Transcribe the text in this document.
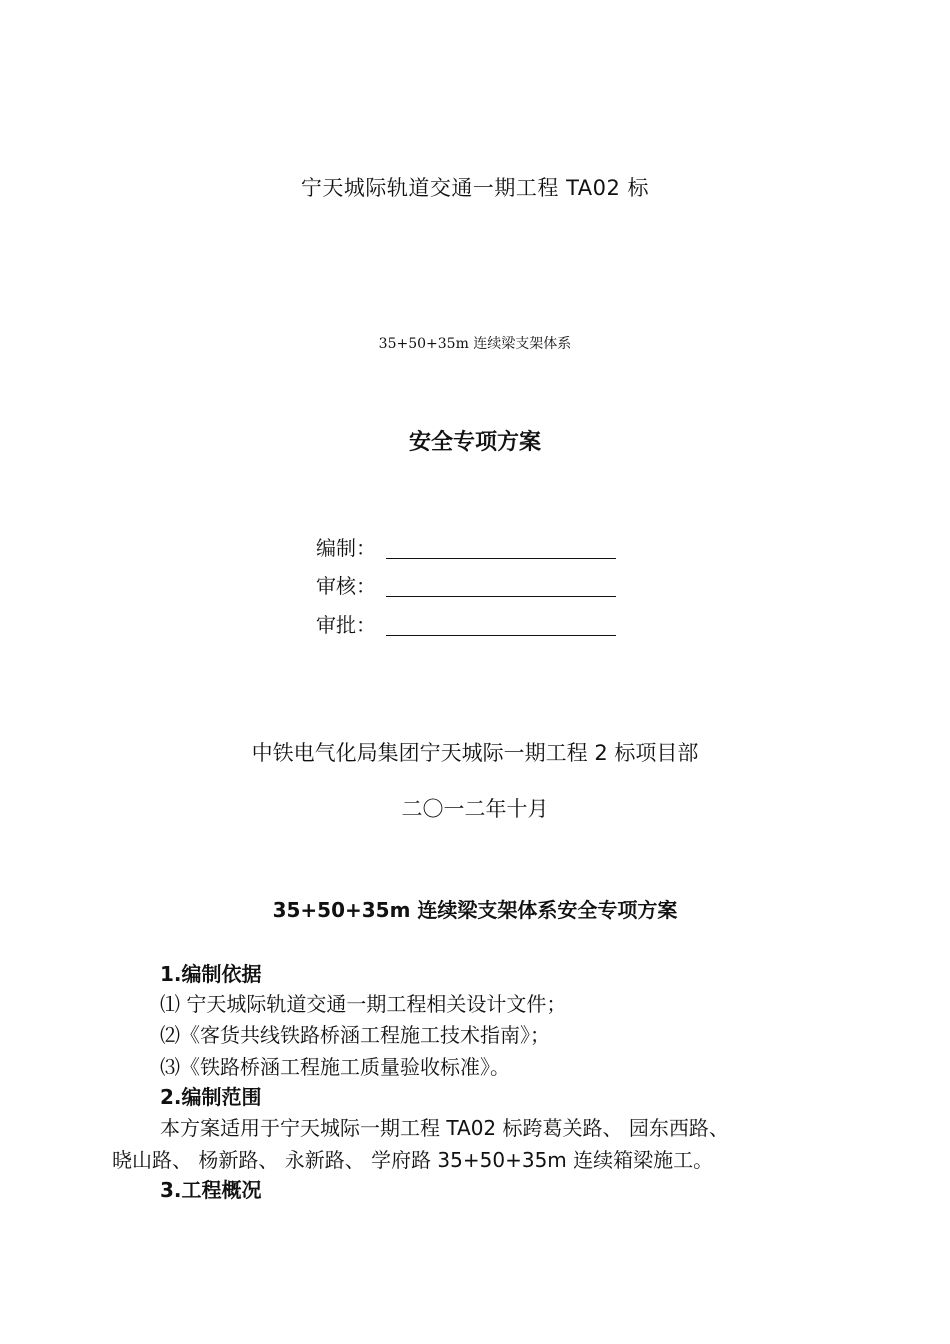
宁天城际轨道交通一期工程 TA02 标
35+50+35m 连续梁支架体系
安全专项方案
编制：
审核：
审批：
中铁电气化局集团宁天城际一期工程 2 标项目部
二〇一二年十月
35+50+35m 连续梁支架体系安全专项方案
1.编制依据
⑴ 宁天城际轨道交通一期工程相关设计文件；
⑵《客货共线铁路桥涵工程施工技术指南》；
⑶《铁路桥涵工程施工质量验收标准》。
2.编制范围
本方案适用于宁天城际一期工程 TA02 标跨葛关路、 园东西路、
晓山路、 杨新路、 永新路、 学府路 35+50+35m 连续箱梁施工。
3.工程概况
